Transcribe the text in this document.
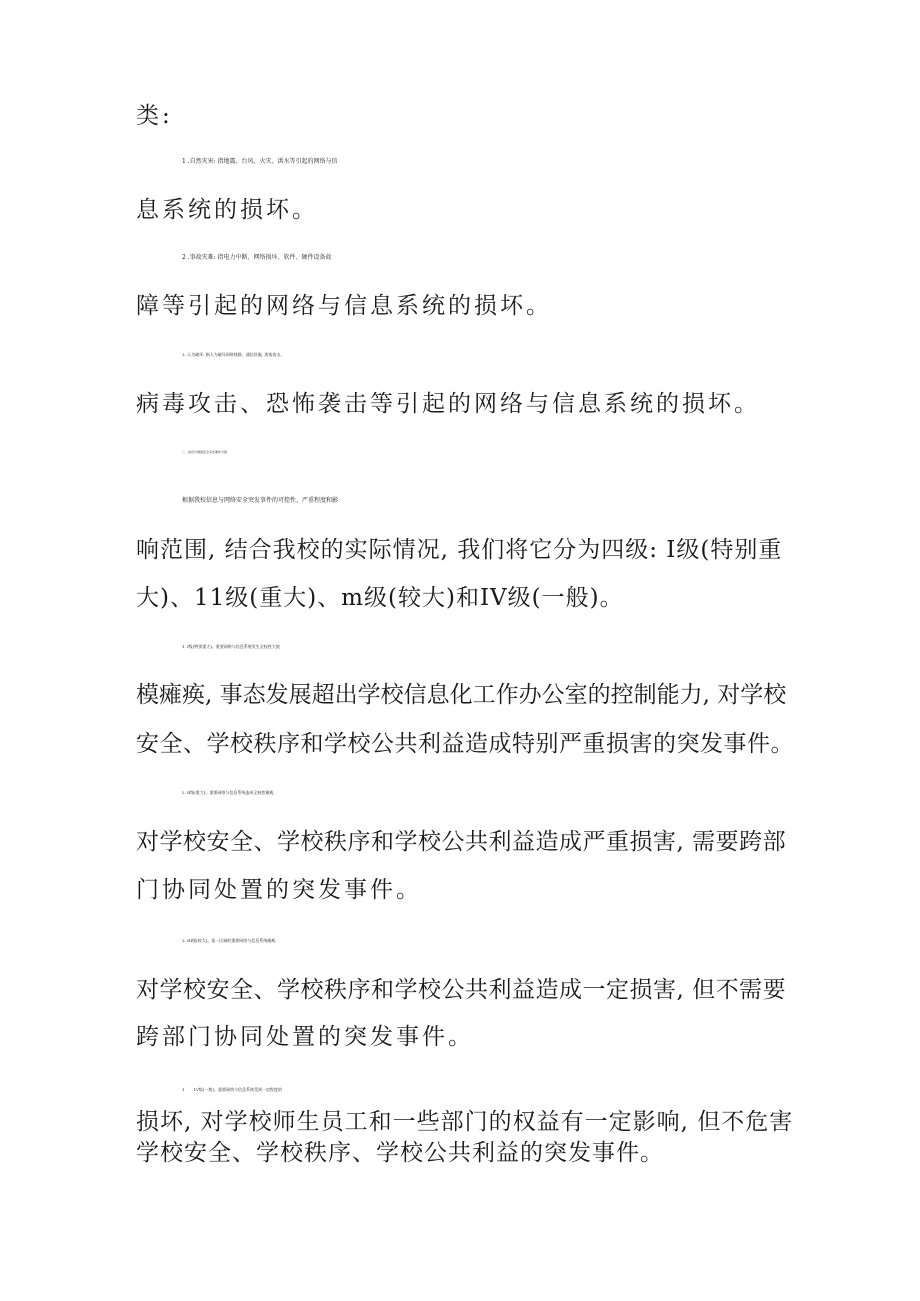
类:
1 .自然灾害: 指地震、台风、火灾、洪水等引起的网络与信
息系统的损坏。
2 .事故灾难: 指电力中断、网络损坏、软件、硬件设备故
障等引起的网络与信息系统的损坏。
3 .人为破坏: 指人为破坏网络线路、通信设施, 黑客攻击、
病毒攻击、恐怖袭击等引起的网络与信息系统的损坏。
二、信息与网络安全突发事件分级
根据我校信息与网络安全突发事件的可控性、严重程度和影
响范围, 结合我校的实际情况, 我们将它分为四级: I级(特别重
大)、11级(重大)、m级(较大)和IV级(一般)。
1. I级(特别重大)。重要网络与信息系统发生全校性大规
模瘫痪, 事态发展超出学校信息化工作办公室的控制能力, 对学校
安全、学校秩序和学校公共利益造成特别严重损害的突发事件。
2. II级(重大)。重要网络与信息系统造成全校性瘫痪,
对学校安全、学校秩序和学校公共利益造成严重损害, 需要跨部
门协同处置的突发事件。
3. HI级(较大)。某一区域的重要网络与信息系统瘫痪,
对学校安全、学校秩序和学校公共利益造成一定损害, 但不需要
跨部门协同处置的突发事件。
1      .1V级(一般)。重要网络与信息系统受到一定程度的
损坏, 对学校师生员工和一些部门的权益有一定影响, 但不危害
学校安全、学校秩序、学校公共利益的突发事件。
